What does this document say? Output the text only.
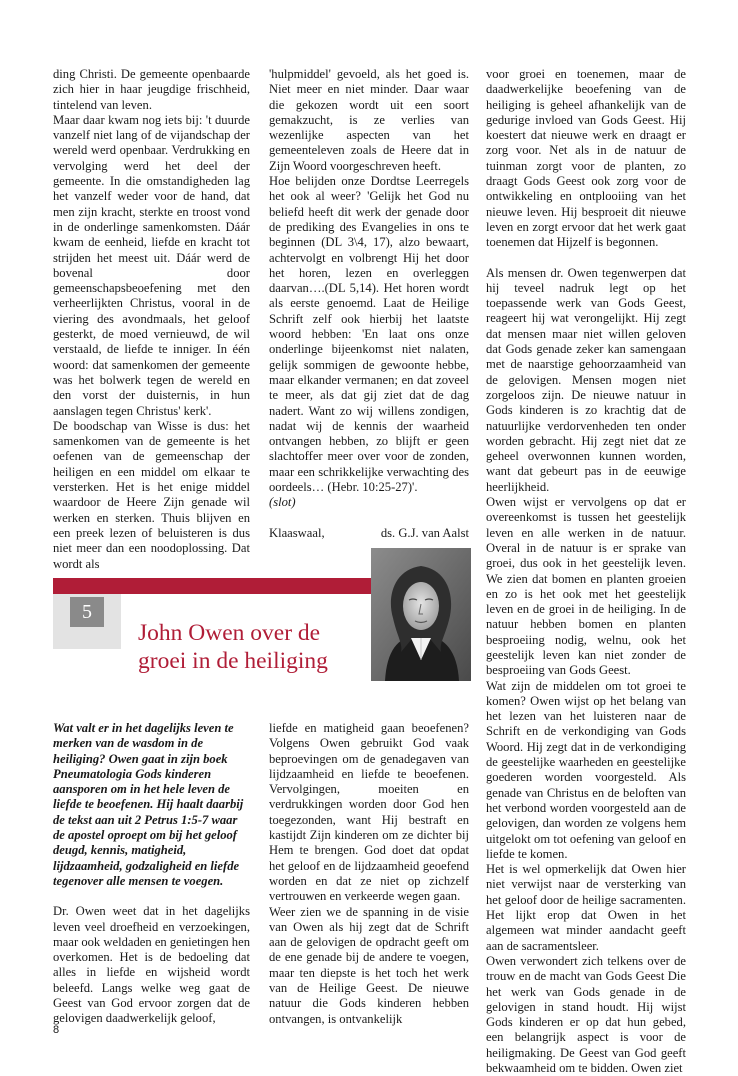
ding Christi. De gemeente openbaarde zich hier in haar jeugdige frischheid, tintelend van leven.

Maar daar kwam nog iets bij: 't duurde vanzelf niet lang of de vijandschap der wereld werd openbaar. Verdrukking en vervolging werd het deel der gemeente. In die omstandigheden lag het vanzelf weder voor de hand, dat men zijn kracht, sterkte en troost vond in de onderlinge samenkomsten. Dáár kwam de eenheid, liefde en kracht tot strijden het meest uit. Dáár werd de bovenal door gemeenschapsbeoefening met den verheerlijkten Christus, vooral in de viering des avondmaals, het geloof gesterkt, de moed vernieuwd, de wil verstaald, de liefde te inniger. In één woord: dat samenkomen der gemeente was het bolwerk tegen de wereld en den vorst der duisternis, in hun aanslagen tegen Christus' kerk'.

De boodschap van Wisse is dus: het samenkomen van de gemeente is het oefenen van de gemeenschap der heiligen en een middel om elkaar te versterken. Het is het enige middel waardoor de Heere Zijn genade wil werken en sterken. Thuis blijven en een preek lezen of beluisteren is dus niet meer dan een noodoplossing. Dat wordt als

'hulpmiddel' gevoeld, als het goed is. Niet meer en niet minder. Daar waar die gekozen wordt uit een soort gemakzucht, is ze verlies van wezenlijke aspecten van het gemeenteleven zoals de Heere dat in Zijn Woord voorgeschreven heeft.

Hoe belijden onze Dordtse Leerregels het ook al weer? 'Gelijk het God nu beliefd heeft dit werk der genade door de prediking des Evangelies in ons te beginnen (DL 3\4, 17), alzo bewaart, achtervolgt en volbrengt Hij het door het horen, lezen en overleggen daarvan….(DL 5,14). Het horen wordt als eerste genoemd. Laat de Heilige Schrift zelf ook hierbij het laatste woord hebben: 'En laat ons onze onderlinge bijeenkomst niet nalaten, gelijk sommigen de gewoonte hebbe, maar elkander vermanen; en dat zoveel te meer, als dat gij ziet dat de dag nadert. Want zo wij willens zondigen, nadat wij de kennis der waarheid ontvangen hebben, zo blijft er geen slachtoffer meer over voor de zonden, maar een schrikkelijke verwachting des oordeels… (Hebr. 10:25-27)'.

(slot)

Klaaswaal,	ds. G.J. van Aalst

voor groei en toenemen, maar de daadwerkelijke beoefening van de heiliging is geheel afhankelijk van de gedurige invloed van Gods Geest. Hij koestert dat nieuwe werk en draagt er zorg voor. Net als in de natuur de tuinman zorgt voor de planten, zo draagt Gods Geest ook zorg voor de ontwikkeling en ontplooiing van het nieuwe leven. Hij besproeit dit nieuwe leven en zorgt ervoor dat het werk gaat toenemen dat Hijzelf is begonnen.

Als mensen dr. Owen tegenwerpen dat hij teveel nadruk legt op het toepassende werk van Gods Geest, reageert hij wat verongelijkt. Hij zegt dat mensen maar niet willen geloven dat Gods genade zeker kan samengaan met de naarstige gehoorzaamheid van de gelovigen. Mensen mogen niet zorgeloos zijn. De nieuwe natuur in Gods kinderen is zo krachtig dat de natuurlijke verdorvenheden ten onder worden gebracht. Hij zegt niet dat ze geheel overwonnen kunnen worden, want dat gebeurt pas in de eeuwige heerlijkheid.

Owen wijst er vervolgens op dat er overeenkomst is tussen het geestelijk leven en alle werken in de natuur. Overal in de natuur is er sprake van groei, dus ook in het geestelijk leven. We zien dat bomen en planten groeien en zo is het ook met het geestelijk leven en de groei in de heiliging. In de natuur hebben bomen en planten besproeiing nodig, welnu, ook het geestelijk leven kan niet zonder de besproeiing van Gods Geest.

Wat zijn de middelen om tot groei te komen? Owen wijst op het belang van het lezen van het luisteren naar de Schrift en de verkondiging van Gods Woord. Hij zegt dat in de verkondiging de geestelijke waarheden en geestelijke goederen worden voorgesteld. Als genade van Christus en de beloften van het verbond worden voorgesteld aan de gelovigen, dan worden ze volgens hem uitgelokt om tot oefening van geloof en liefde te komen.

Het is wel opmerkelijk dat Owen hier niet verwijst naar de versterking van het geloof door de heilige sacramenten. Het lijkt erop dat Owen in het algemeen wat minder aandacht geeft aan de sacramentsleer.

Owen verwondert zich telkens over de trouw en de macht van Gods Geest Die het werk van Gods genade in de gelovigen in stand houdt. Hij wijst Gods kinderen er op dat hun gebed, een belangrijk aspect is voor de heiligmaking. De Geest van God geeft bekwaamheid om te bidden. Owen ziet

5
John Owen over de groei in de heiliging

Wat valt er in het dagelijks leven te merken van de wasdom in de heiliging? Owen gaat in zijn boek Pneumatologia Gods kinderen aansporen om in het hele leven de liefde te beoefenen. Hij haalt daarbij de tekst aan uit 2 Petrus 1:5-7 waar de apostel oproept om bij het geloof deugd, kennis, matigheid, lijdzaamheid, godzaligheid en liefde tegenover alle mensen te voegen.

Dr. Owen weet dat in het dagelijks leven veel droefheid en verzoekingen, maar ook weldaden en genietingen hen overkomen. Het is de bedoeling dat alles in liefde en wijsheid wordt beleefd. Langs welke weg gaat de Geest van God ervoor zorgen dat de gelovigen daadwerkelijk geloof,

liefde en matigheid gaan beoefenen? Volgens Owen gebruikt God vaak beproevingen om de genadegaven van lijdzaamheid en liefde te beoefenen. Vervolgingen, moeiten en verdrukkingen worden door God hen toegezonden, want Hij bestraft en kastijdt Zijn kinderen om ze dichter bij Hem te brengen. God doet dat opdat het geloof en de lijdzaamheid geoefend worden en dat ze niet op zichzelf vertrouwen en verkeerde wegen gaan.

Weer zien we de spanning in de visie van Owen als hij zegt dat de Schrift aan de gelovigen de opdracht geeft om de ene genade bij de andere te voegen, maar ten diepste is het toch het werk van de Heilige Geest. De nieuwe natuur die Gods kinderen hebben ontvangen, is ontvankelijk

8
